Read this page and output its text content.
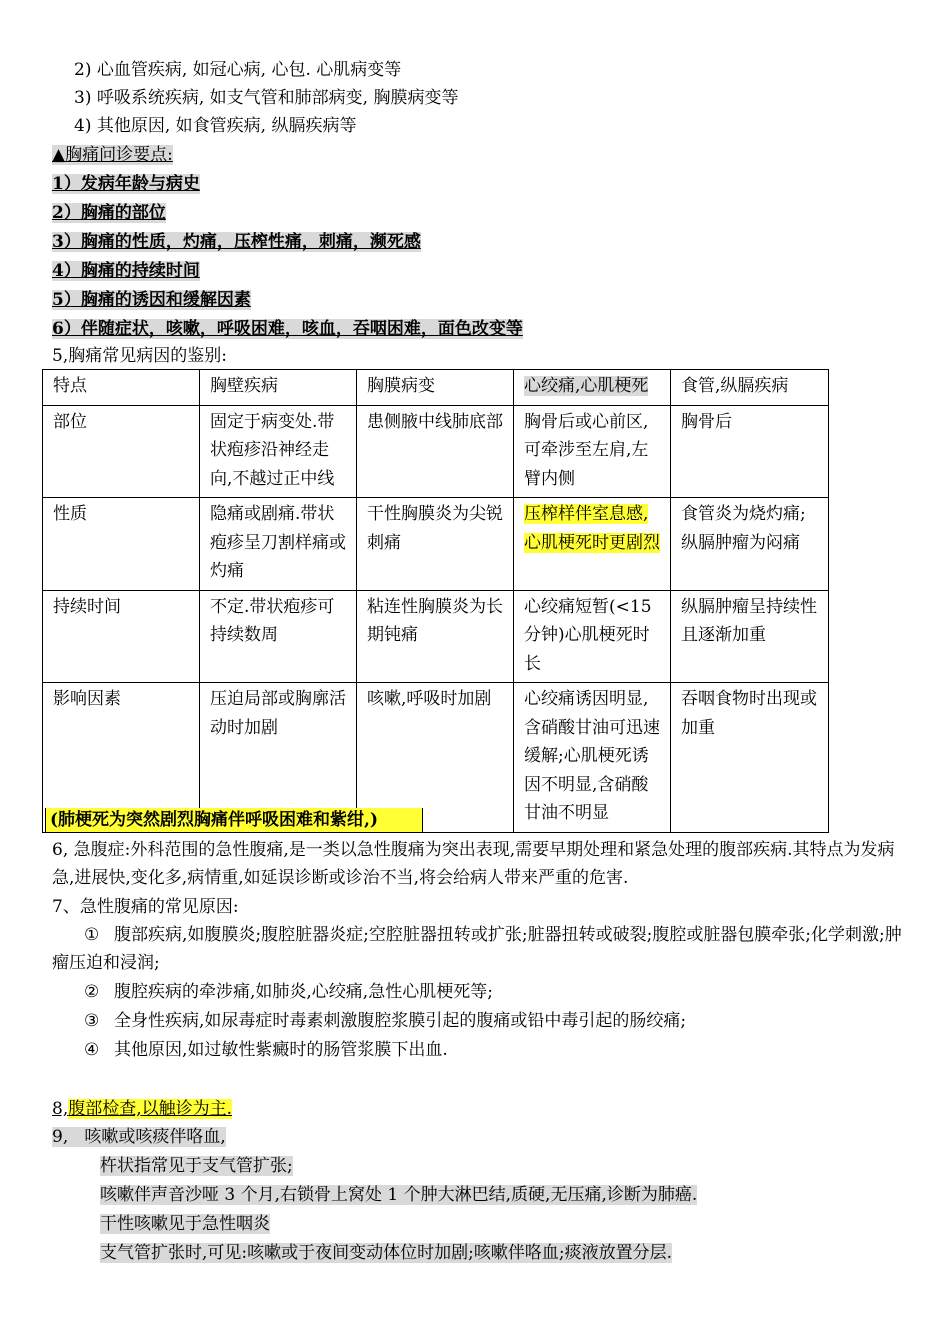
2) 心血管疾病, 如冠心病, 心包. 心肌病变等
3) 呼吸系统疾病, 如支气管和肺部病变, 胸膜病变等
4) 其他原因, 如食管疾病, 纵膈疾病等
▲胸痛问诊要点:
1）发病年龄与病史
2）胸痛的部位
3）胸痛的性质，灼痛，压榨性痛，刺痛，濒死感
4）胸痛的持续时间
5）胸痛的诱因和缓解因素
6）伴随症状，咳嗽，呼吸困难，咳血，吞咽困难，面色改变等
5,胸痛常见病因的鉴别:
特点	胸壁疾病	胸膜病变	心绞痛,心肌梗死	食管,纵膈疾病
部位	固定于病变处.带状疱疹沿神经走向,不越过正中线	患侧腋中线肺底部	胸骨后或心前区,可牵涉至左肩,左臂内侧	胸骨后
性质	隐痛或剧痛.带状疱疹呈刀割样痛或灼痛	干性胸膜炎为尖锐刺痛	压榨样伴室息感,心肌梗死时更剧烈	食管炎为烧灼痛;纵膈肿瘤为闷痛
持续时间	不定.带状疱疹可持续数周	粘连性胸膜炎为长期钝痛	心绞痛短暂(<15分钟)心肌梗死时长	纵膈肿瘤呈持续性且逐渐加重
影响因素	压迫局部或胸廓活动时加剧	咳嗽,呼吸时加剧	心绞痛诱因明显,含硝酸甘油可迅速缓解;心肌梗死诱因不明显,含硝酸甘油不明显	吞咽食物时出现或加重
(肺梗死为突然剧烈胸痛伴呼吸困难和紫绀,)
6, 急腹症:外科范围的急性腹痛,是一类以急性腹痛为突出表现,需要早期处理和紧急处理的腹部疾病.其特点为发病急,进展快,变化多,病情重,如延误诊断或诊治不当,将会给病人带来严重的危害.
7、急性腹痛的常见原因:
① 腹部疾病,如腹膜炎;腹腔脏器炎症;空腔脏器扭转或扩张;脏器扭转或破裂;腹腔或脏器包膜牵张;化学刺激;肿瘤压迫和浸润;
② 腹腔疾病的牵涉痛,如肺炎,心绞痛,急性心肌梗死等;
③ 全身性疾病,如尿毒症时毒素刺激腹腔浆膜引起的腹痛或铅中毒引起的肠绞痛;
④ 其他原因,如过敏性紫癜时的肠管浆膜下出血.
8,腹部检查,以触诊为主.
9,   咳嗽或咳痰伴咯血,
杵状指常见于支气管扩张;
咳嗽伴声音沙哑 3 个月,右锁骨上窝处 1 个肿大淋巴结,质硬,无压痛,诊断为肺癌.
干性咳嗽见于急性咽炎
支气管扩张时,可见:咳嗽或于夜间变动体位时加剧;咳嗽伴咯血;痰液放置分层.
